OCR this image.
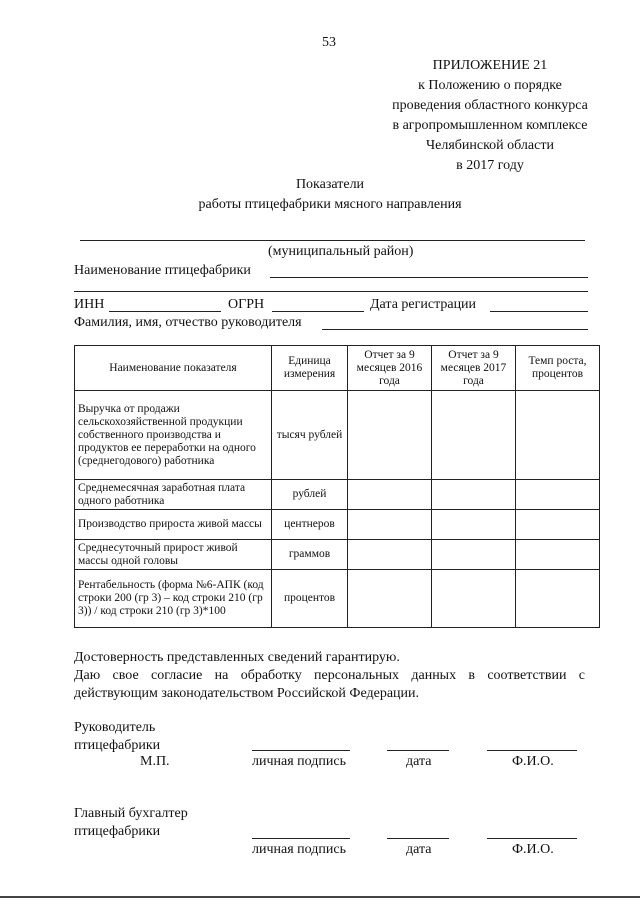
53
ПРИЛОЖЕНИЕ 21
к Положению о порядке
проведения областного конкурса
в агропромышленном комплексе
Челябинской области
в 2017 году
Показатели
работы птицефабрики мясного направления
(муниципальный район)
Наименование птицефабрики
ИНН	ОГРН	Дата регистрации
Фамилия, имя, отчество руководителя
Наименование показателя	Единица измерения	Отчет за 9 месяцев 2016 года	Отчет за 9 месяцев 2017 года	Темп роста, процентов
Выручка от продажи сельскохозяйственной продукции собственного производства и продуктов ее переработки на одного (среднегодового) работника	тысяч рублей			
Среднемесячная заработная плата одного работника	рублей			
Производство прироста живой массы	центнеров			
Среднесуточный прирост живой массы одной головы	граммов			
Рентабельность (форма №6-АПК (код строки 200 (гр 3) – код строки 210 (гр 3)) / код строки 210 (гр 3)*100	процентов			
Достоверность представленных сведений гарантирую.
Даю свое согласие на обработку персональных данных в соответствии с
действующим законодательством Российской Федерации.
Руководитель
птицефабрики
М.П.	личная подпись	дата	Ф.И.О.
Главный бухгалтер
птицефабрики
личная подпись	дата	Ф.И.О.
